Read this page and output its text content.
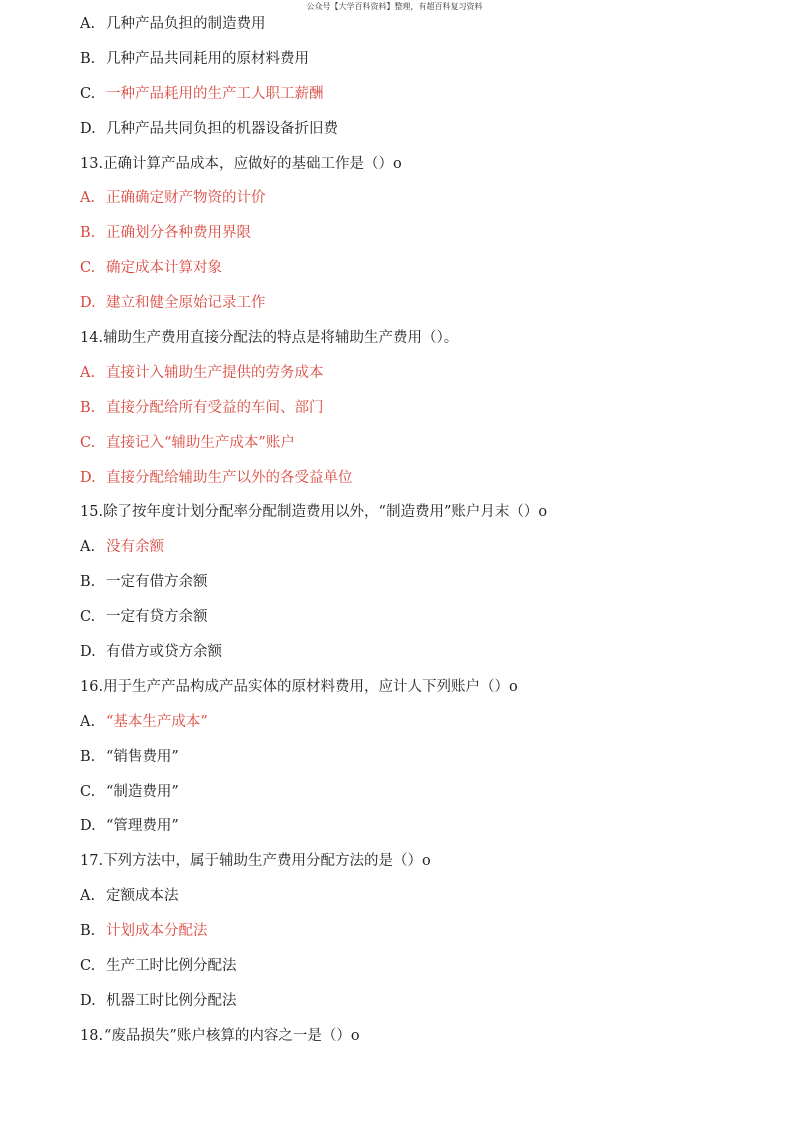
公众号【大学百科资料】整理，有超百科复习资料
A. 几种产品负担的制造费用
B. 几种产品共同耗用的原材料费用
C. 一种产品耗用的生产工人职工薪酬
D. 几种产品共同负担的机器设备折旧费
13. 正确计算产品成本，应做好的基础工作是（）o
A. 正确确定财产物资的计价
B. 正确划分各种费用界限
C. 确定成本计算对象
D. 建立和健全原始记录工作
14. 辅助生产费用直接分配法的特点是将辅助生产费用（）。
A. 直接计入辅助生产提供的劳务成本
B. 直接分配给所有受益的车间、部门
C. 直接记入“辅助生产成本”账户
D. 直接分配给辅助生产以外的各受益单位
15. 除了按年度计划分配率分配制造费用以外，“制造费用”账户月末（）o
A. 没有余额
B. 一定有借方余额
C. 一定有贷方余额
D. 有借方或贷方余额
16. 用于生产产品构成产品实体的原材料费用，应计人下列账户（）o
A. “基本生产成本”
B. “销售费用”
C. “制造费用”
D. “管理费用”
17. 下列方法中，属于辅助生产费用分配方法的是（）o
A. 定额成本法
B. 计划成本分配法
C. 生产工时比例分配法
D. 机器工时比例分配法
18. “废品损失”账户核算的内容之一是（）o
